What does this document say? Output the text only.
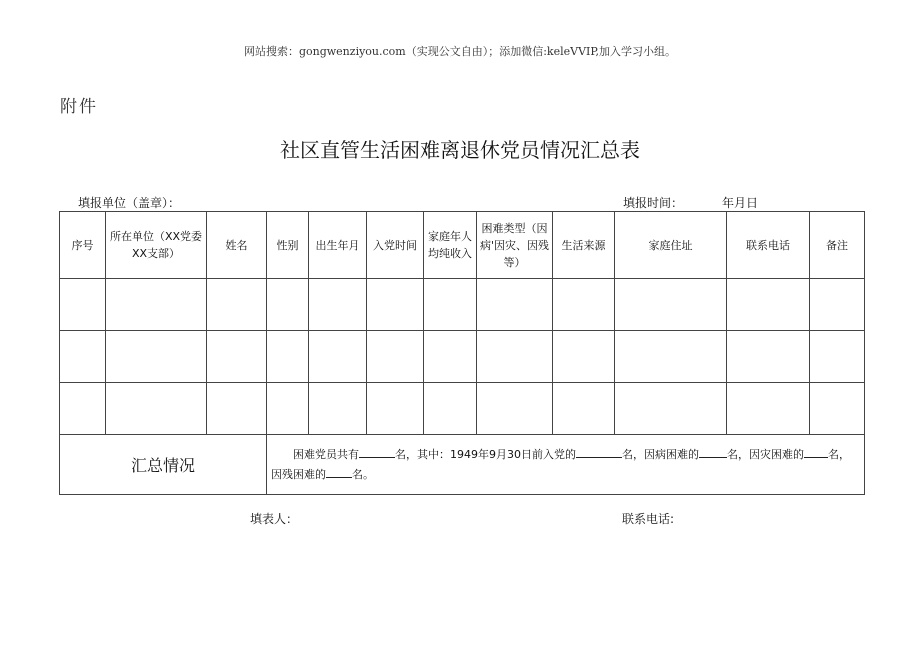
网站搜索：gongwenziyou.com（实现公文自由）；添加微信:keleVVIP,加入学习小组。
附件
社区直管生活困难离退休党员情况汇总表
填报单位（盖章）：	填报时间：	年月日
序号	所在单位（XX党委XX支部）	姓名	性别	出生年月	入党时间	家庭年人均纯收入	困难类型（因病'因灾、因残等）	生活来源	家庭住址	联系电话	备注

汇总情况			困难党员共有 名，其中：1949年9月30日前入党的 名，因病困难的 名，因灾困难的 名，因残困难的 名。								
填表人：	联系电话:
